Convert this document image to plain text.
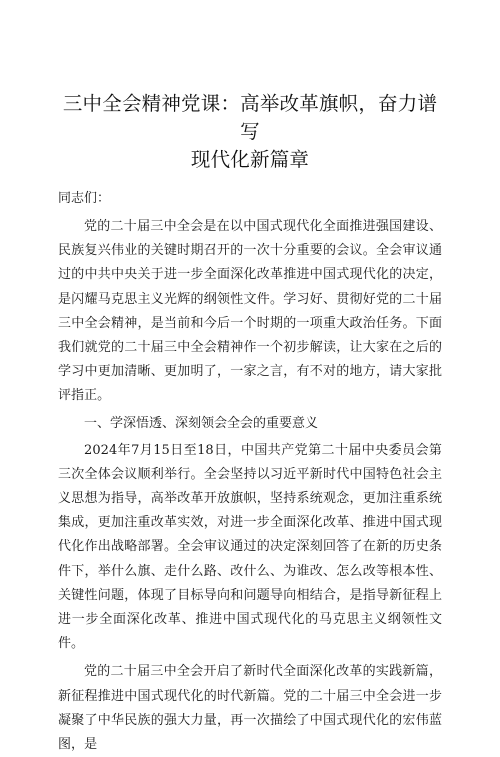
三中全会精神党课：高举改革旗帜，奋力谱写
现代化新篇章

同志们：

党的二十届三中全会是在以中国式现代化全面推进强国建设、民族复兴伟业的关键时期召开的一次十分重要的会议。全会审议通过的中共中央关于进一步全面深化改革推进中国式现代化的决定，是闪耀马克思主义光辉的纲领性文件。学习好、贯彻好党的二十届三中全会精神，是当前和今后一个时期的一项重大政治任务。下面我们就党的二十届三中全会精神作一个初步解读，让大家在之后的学习中更加清晰、更加明了，一家之言，有不对的地方，请大家批评指正。

一、学深悟透、深刻领会全会的重要意义

2024年7月15日至18日，中国共产党第二十届中央委员会第三次全体会议顺利举行。全会坚持以习近平新时代中国特色社会主义思想为指导，高举改革开放旗帜，坚持系统观念，更加注重系统集成，更加注重改革实效，对进一步全面深化改革、推进中国式现代化作出战略部署。全会审议通过的决定深刻回答了在新的历史条件下，举什么旗、走什么路、改什么、为谁改、怎么改等根本性、关键性问题，体现了目标导向和问题导向相结合，是指导新征程上进一步全面深化改革、推进中国式现代化的马克思主义纲领性文件。

党的二十届三中全会开启了新时代全面深化改革的实践新篇，新征程推进中国式现代化的时代新篇。党的二十届三中全会进一步凝聚了中华民族的强大力量，再一次描绘了中国式现代化的宏伟蓝图，是
